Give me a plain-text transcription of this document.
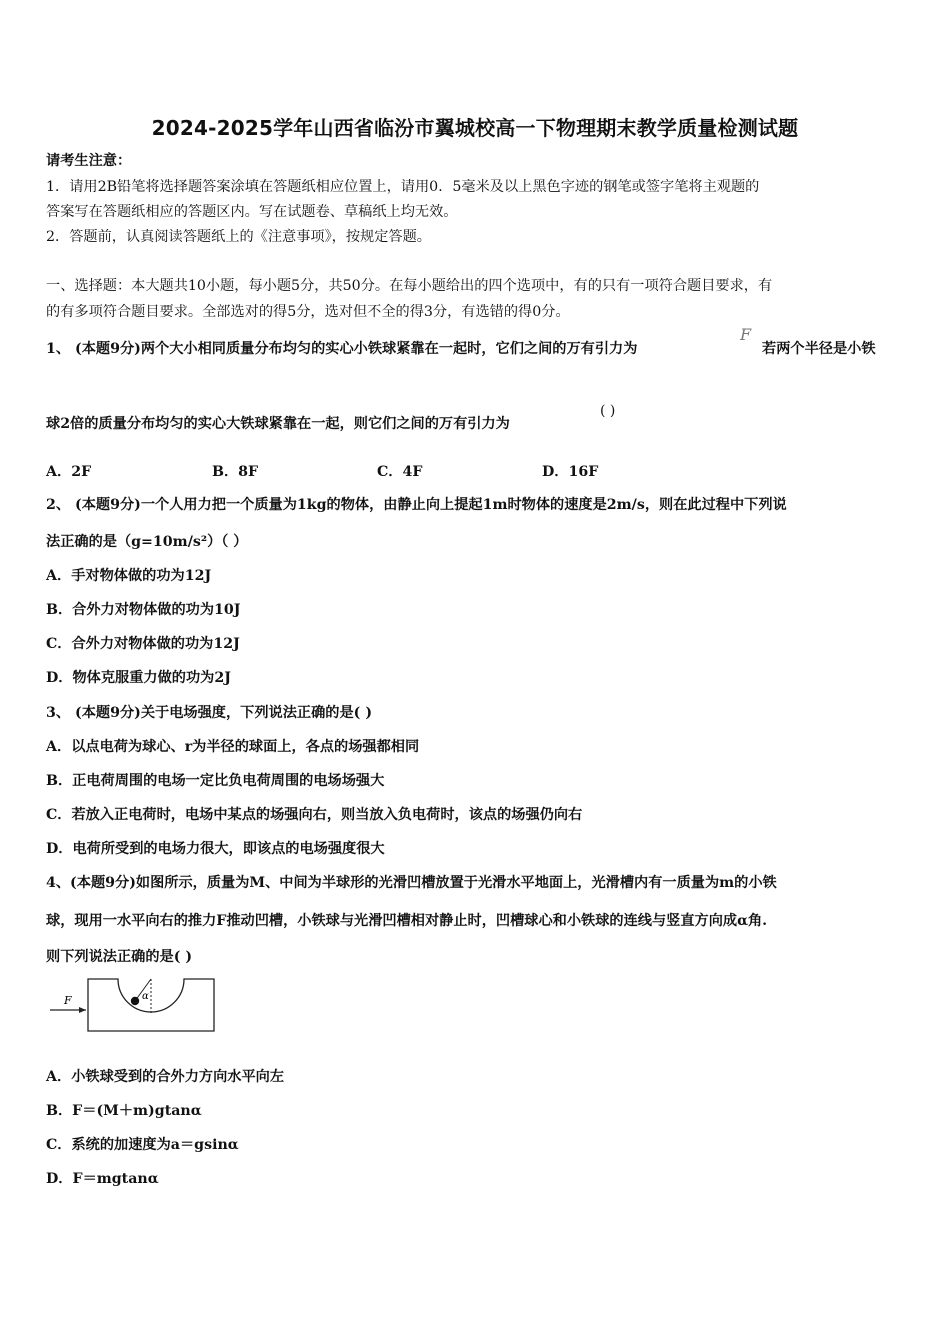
2024-2025学年山西省临汾市翼城校高一下物理期末教学质量检测试题
请考生注意：
1．请用2B铅笔将选择题答案涂填在答题纸相应位置上，请用0．5毫米及以上黑色字迹的钢笔或签字笔将主观题的
答案写在答题纸相应的答题区内。写在试题卷、草稿纸上均无效。
2．答题前，认真阅读答题纸上的《注意事项》，按规定答题。
一、选择题：本大题共10小题，每小题5分，共50分。在每小题给出的四个选项中，有的只有一项符合题目要求，有
的有多项符合题目要求。全部选对的得5分，选对但不全的得3分，有选错的得0分。
1、 (本题9分)两个大小相同质量分布均匀的实心小铁球紧靠在一起时，它们之间的万有引力为
F
若两个半径是小铁
球2倍的质量分布均匀的实心大铁球紧靠在一起，则它们之间的万有引力为
( )
A．2F	B．8F	C．4F	D．16F
2、 (本题9分)一个人用力把一个质量为1kg的物体，由静止向上提起1m时物体的速度是2m/s，则在此过程中下列说
法正确的是（g=10m/s²）（ ）
A．手对物体做的功为12J
B．合外力对物体做的功为10J
C．合外力对物体做的功为12J
D．物体克服重力做的功为2J
3、 (本题9分)关于电场强度，下列说法正确的是( )
A．以点电荷为球心、r为半径的球面上，各点的场强都相同
B．正电荷周围的电场一定比负电荷周围的电场场强大
C．若放入正电荷时，电场中某点的场强向右，则当放入负电荷时，该点的场强仍向右
D．电荷所受到的电场力很大，即该点的电场强度很大
4、(本题9分)如图所示，质量为M、中间为半球形的光滑凹槽放置于光滑水平地面上，光滑槽内有一质量为m的小铁
球，现用一水平向右的推力F推动凹槽，小铁球与光滑凹槽相对静止时，凹槽球心和小铁球的连线与竖直方向成α角.
则下列说法正确的是( )
F	α
A．小铁球受到的合外力方向水平向左
B．F＝(M＋m)gtanα
C．系统的加速度为a＝gsinα
D．F＝mgtanα
